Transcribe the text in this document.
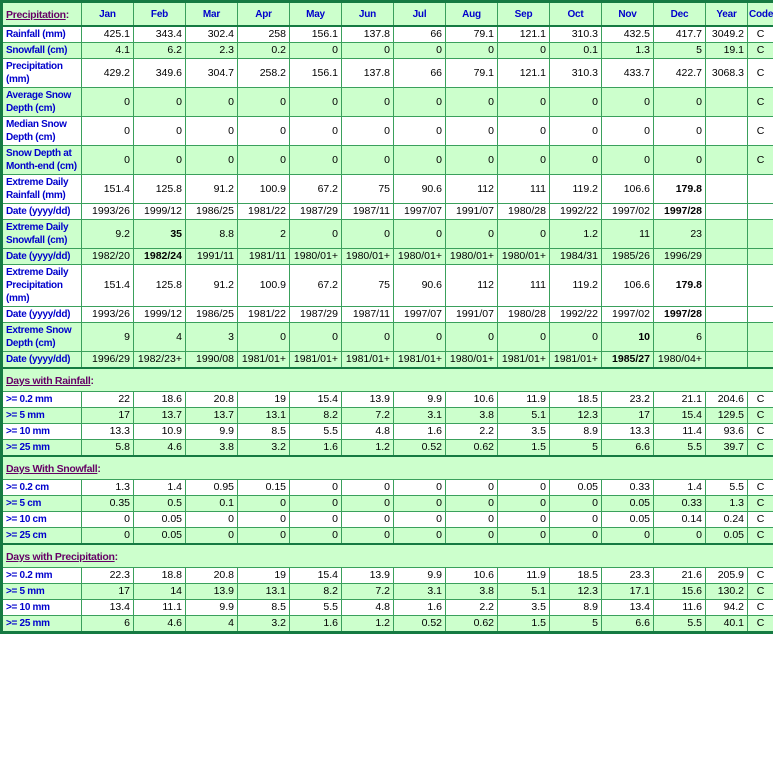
Precipitation:	Jan	Feb	Mar	Apr	May	Jun	Jul	Aug	Sep	Oct	Nov	Dec	Year	Code
Rainfall (mm)	425.1	343.4	302.4	258	156.1	137.8	66	79.1	121.1	310.3	432.5	417.7	3049.2	C
Snowfall (cm)	4.1	6.2	2.3	0.2	0	0	0	0	0	0.1	1.3	5	19.1	C
Precipitation (mm)	429.2	349.6	304.7	258.2	156.1	137.8	66	79.1	121.1	310.3	433.7	422.7	3068.3	C
Average Snow Depth (cm)	0	0	0	0	0	0	0	0	0	0	0	0		C
Median Snow Depth (cm)	0	0	0	0	0	0	0	0	0	0	0	0		C
Snow Depth at Month-end (cm)	0	0	0	0	0	0	0	0	0	0	0	0		C
Extreme Daily Rainfall (mm)	151.4	125.8	91.2	100.9	67.2	75	90.6	112	111	119.2	106.6	179.8		
Date (yyyy/dd)	1993/26	1999/12	1986/25	1981/22	1987/29	1987/11	1997/07	1991/07	1980/28	1992/22	1997/02	1997/28		
Extreme Daily Snowfall (cm)	9.2	35	8.8	2	0	0	0	0	0	1.2	11	23		
Date (yyyy/dd)	1982/20	1982/24	1991/11	1981/11	1980/01+	1980/01+	1980/01+	1980/01+	1980/01+	1984/31	1985/26	1996/29		
Extreme Daily Precipitation (mm)	151.4	125.8	91.2	100.9	67.2	75	90.6	112	111	119.2	106.6	179.8		
Date (yyyy/dd)	1993/26	1999/12	1986/25	1981/22	1987/29	1987/11	1997/07	1991/07	1980/28	1992/22	1997/02	1997/28		
Extreme Snow Depth (cm)	9	4	3	0	0	0	0	0	0	0	10	6		
Date (yyyy/dd)	1996/29	1982/23+	1990/08	1981/01+	1981/01+	1981/01+	1981/01+	1980/01+	1981/01+	1981/01+	1985/27	1980/04+		
Days with Rainfall:														
>= 0.2 mm	22	18.6	20.8	19	15.4	13.9	9.9	10.6	11.9	18.5	23.2	21.1	204.6	C
>= 5 mm	17	13.7	13.7	13.1	8.2	7.2	3.1	3.8	5.1	12.3	17	15.4	129.5	C
>= 10 mm	13.3	10.9	9.9	8.5	5.5	4.8	1.6	2.2	3.5	8.9	13.3	11.4	93.6	C
>= 25 mm	5.8	4.6	3.8	3.2	1.6	1.2	0.52	0.62	1.5	5	6.6	5.5	39.7	C
Days With Snowfall:														
>= 0.2 cm	1.3	1.4	0.95	0.15	0	0	0	0	0	0.05	0.33	1.4	5.5	C
>= 5 cm	0.35	0.5	0.1	0	0	0	0	0	0	0	0.05	0.33	1.3	C
>= 10 cm	0	0.05	0	0	0	0	0	0	0	0	0.05	0.14	0.24	C
>= 25 cm	0	0.05	0	0	0	0	0	0	0	0	0	0	0.05	C
Days with Precipitation:														
>= 0.2 mm	22.3	18.8	20.8	19	15.4	13.9	9.9	10.6	11.9	18.5	23.3	21.6	205.9	C
>= 5 mm	17	14	13.9	13.1	8.2	7.2	3.1	3.8	5.1	12.3	17.1	15.6	130.2	C
>= 10 mm	13.4	11.1	9.9	8.5	5.5	4.8	1.6	2.2	3.5	8.9	13.4	11.6	94.2	C
>= 25 mm	6	4.6	4	3.2	1.6	1.2	0.52	0.62	1.5	5	6.6	5.5	40.1	C
